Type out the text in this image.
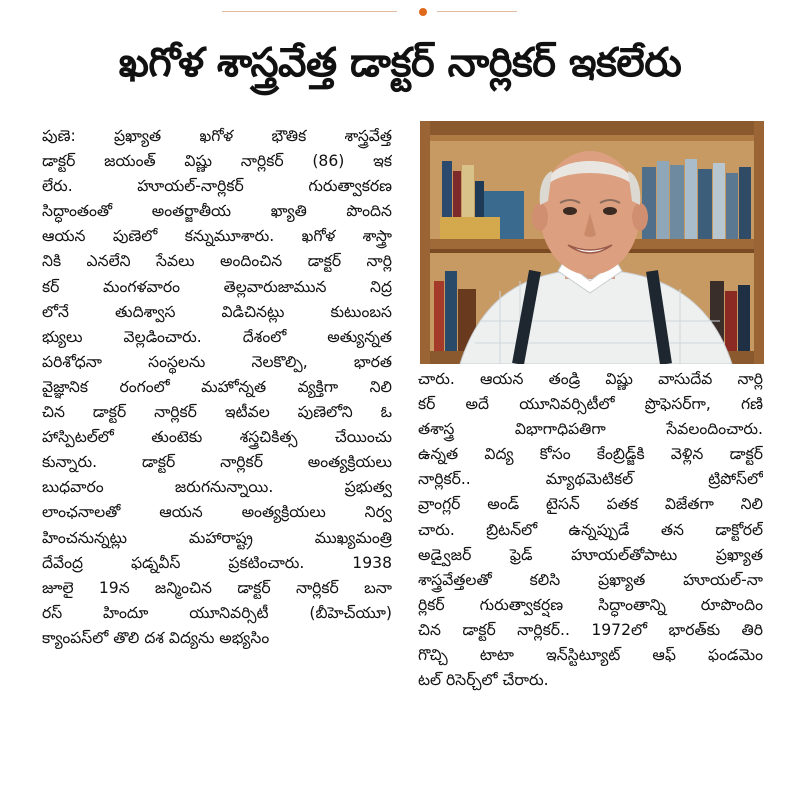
ఖగోళ శాస్త్రవేత్త డాక్టర్ నార్లికర్ ఇకలేరు
పుణె: ప్రఖ్యాత ఖగోళ భౌతిక శాస్త్రవేత్త
డాక్టర్ జయంత్ విష్ణు నార్లికర్ (86) ఇక
లేరు. హూయల్-నార్లికర్ గురుత్వాకరణ
సిద్ధాంతంతో అంతర్జాతీయ ఖ్యాతి పొందిన
ఆయన పుణెలో కన్నుమూశారు. ఖగోళ శాస్త్రా
నికి ఎనలేని సేవలు అందించిన డాక్టర్ నార్లి
కర్ మంగళవారం తెల్లవారుజామున నిద్ర
లోనే తుదిశ్వాస విడిచినట్లు కుటుంబస
భ్యులు వెల్లడించారు. దేశంలో అత్యున్నత
పరిశోధనా సంస్థలను నెలకొల్పి, భారత
వైజ్ఞానిక రంగంలో మహోన్నత వ్యక్తిగా నిలి
చిన డాక్టర్ నార్లికర్ ఇటీవల పుణెలోని ఓ
హాస్పిటల్‌లో తుంటెకు శస్త్రచికిత్స చేయించు
కున్నారు. డాక్టర్ నార్లికర్ అంత్యక్రియలు
బుధవారం జరుగనున్నాయి. ప్రభుత్వ
లాంఛనాలతో ఆయన అంత్యక్రియలు నిర్వ
హించనున్నట్లు మహారాష్ట్ర ముఖ్యమంత్రి
దేవేంద్ర ఫడ్నవీస్ ప్రకటించారు. 1938
జూలై 19న జన్మించిన డాక్టర్ నార్లికర్ బనా
రస్ హిందూ యూనివర్సిటీ (బీహెచ్‌యూ)
క్యాంపస్‌లో తొలి దశ విద్యను అభ్యసిం
చారు. ఆయన తండ్రి విష్ణు వాసుదేవ నార్లి
కర్ అదే యూనివర్సిటీలో ప్రొఫెసర్‌గా, గణి
తశాస్త్ర విభాగాధిపతిగా సేవలందించారు.
ఉన్నత విద్య కోసం కేంబ్రిడ్జ్‌కి వెళ్లిన డాక్టర్
నార్లికర్.. మ్యాథమెటికల్ ట్రిపోస్‌లో
వ్రాంగ్లర్ అండ్ టైసన్ పతక విజేతగా నిలి
చారు. బ్రిటన్‌లో ఉన్నప్పుడే తన డాక్టోరల్
అడ్వైజర్ ఫ్రెడ్ హూయల్‌తోపాటు ప్రఖ్యాత
శాస్త్రవేత్తలతో కలిసి ప్రఖ్యాత హూయల్-నా
ర్లికర్ గురుత్వాకర్షణ సిద్ధాంతాన్ని రూపొందిం
చిన డాక్టర్ నార్లికర్.. 1972లో భారత్‌కు తిరి
గొచ్చి టాటా ఇన్‌స్టిట్యూట్ ఆఫ్ ఫండమెం
టల్ రిసెర్చ్‌లో చేరారు.
